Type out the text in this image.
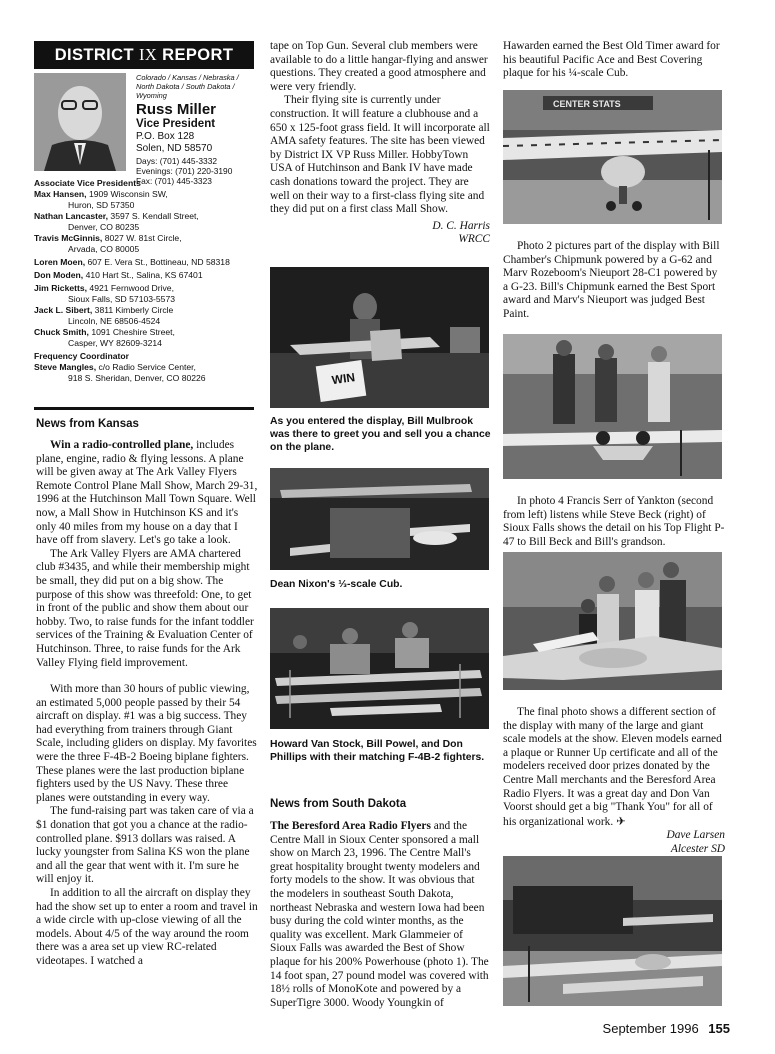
DISTRICT IX REPORT

Colorado / Kansas / Nebraska / North Dakota / South Dakota / Wyoming

Russ Miller

Vice President

P.O. Box 128

Solen, ND 58570

Days: (701) 445-3332

Evenings: (701) 220-3190

Fax: (701) 445-3323

Associate Vice Presidents

Max Hansen, 1909 Wisconsin SW,

Huron, SD 57350

Nathan Lancaster, 3597 S. Kendall Street,

Denver, CO 80235

Travis McGinnis, 8027 W. 81st Circle,

Arvada, CO 80005

Loren Moen, 607 E. Vera St., Bottineau, ND 58318

Don Moden, 410 Hart St., Salina, KS 67401

Jim Ricketts, 4921 Fernwood Drive,

Sioux Falls, SD 57103-5573

Jack L. Sibert, 3811 Kimberly Circle

Lincoln, NE 68506-4524

Chuck Smith, 1091 Cheshire Street,

Casper, WY 82609-3214

Frequency Coordinator

Steve Mangles, c/o Radio Service Center,

918 S. Sheridan, Denver, CO 80226

News from Kansas

Win a radio-controlled plane, includes plane, engine, radio & flying lessons. A plane will be given away at The Ark Valley Flyers Remote Control Plane Mall Show, March 29-31, 1996 at the Hutchinson Mall Town Square. Well now, a Mall Show in Hutchinson KS and it's only 40 miles from my house on a day that I have off from slavery. Let's go take a look.

The Ark Valley Flyers are AMA chartered club #3435, and while their membership might be small, they did put on a big show. The purpose of this show was threefold: One, to get in front of the public and show them about our hobby. Two, to raise funds for the infant toddler services of the Training & Evaluation Center of Hutchinson. Three, to raise funds for the Ark Valley Flying field improvement.

With more than 30 hours of public viewing, an estimated 5,000 people passed by their 54 aircraft on display. #1 was a big success. They had everything from trainers through Giant Scale, including gliders on display. My favorites were the three F-4B-2 Boeing biplane fighters. These planes were the last production biplane fighters used by the US Navy. These three planes were outstanding in every way.

The fund-raising part was taken care of via a $1 donation that got you a chance at the radio-controlled plane. $913 dollars was raised. A lucky youngster from Salina KS won the plane and all the gear that went with it. I'm sure he will enjoy it.

In addition to all the aircraft on display they had the show set up to enter a room and travel in a wide circle with up-close viewing of all the models. About 4/5 of the way around the room there was a area set up view RC-related videotapes. I watched a

tape on Top Gun. Several club members were available to do a little hangar-flying and answer questions. They created a good atmosphere and were very friendly.

Their flying site is currently under construction. It will feature a clubhouse and a 650 x 125-foot grass field. It will incorporate all AMA safety features. The site has been viewed by District IX VP Russ Miller. HobbyTown USA of Hutchinson and Bank IV have made cash donations toward the project. They are well on their way to a first-class flying site and they did put on a first class Mall Show.

D. C. Harris

WRCC

WIN

As you entered the display, Bill Mulbrook was there to greet you and sell you a chance on the plane.

Dean Nixon's ⅓-scale Cub.

Howard Van Stock, Bill Powel, and Don Phillips with their matching F-4B-2 fighters.

News from South Dakota

The Beresford Area Radio Flyers and the Centre Mall in Sioux Center sponsored a mall show on March 23, 1996. The Centre Mall's great hospitality brought twenty modelers and forty models to the show. It was obvious that the modelers in southeast South Dakota, northeast Nebraska and western Iowa had been busy during the cold winter months, as the quality was excellent. Mark Glammeier of Sioux Falls was awarded the Best of Show plaque for his 200% Powerhouse (photo 1). The 14 foot span, 27 pound model was covered with 18½ rolls of MonoKote and powered by a SuperTigre 3000. Woody Youngkin of

Hawarden earned the Best Old Timer award for his beautiful Pacific Ace and Best Covering plaque for his ¼-scale Cub.

CENTER STATS

Photo 2 pictures part of the display with Bill Chamber's Chipmunk powered by a G-62 and Marv Rozeboom's Nieuport 28-C1 powered by a G-23. Bill's Chipmunk earned the Best Sport award and Marv's Nieuport was judged Best Paint.

In photo 4 Francis Serr of Yankton (second from left) listens while Steve Beck (right) of Sioux Falls shows the detail on his Top Flight P-47 to Bill Beck and Bill's grandson.

The final photo shows a different section of the display with many of the large and giant scale models at the show. Eleven models earned a plaque or Runner Up certificate and all of the modelers received door prizes donated by the Centre Mall merchants and the Beresford Area Radio Flyers. It was a great day and Don Van Voorst should get a big "Thank You" for all of his organizational work. ✈

Dave Larsen

Alcester SD

September 1996 155
